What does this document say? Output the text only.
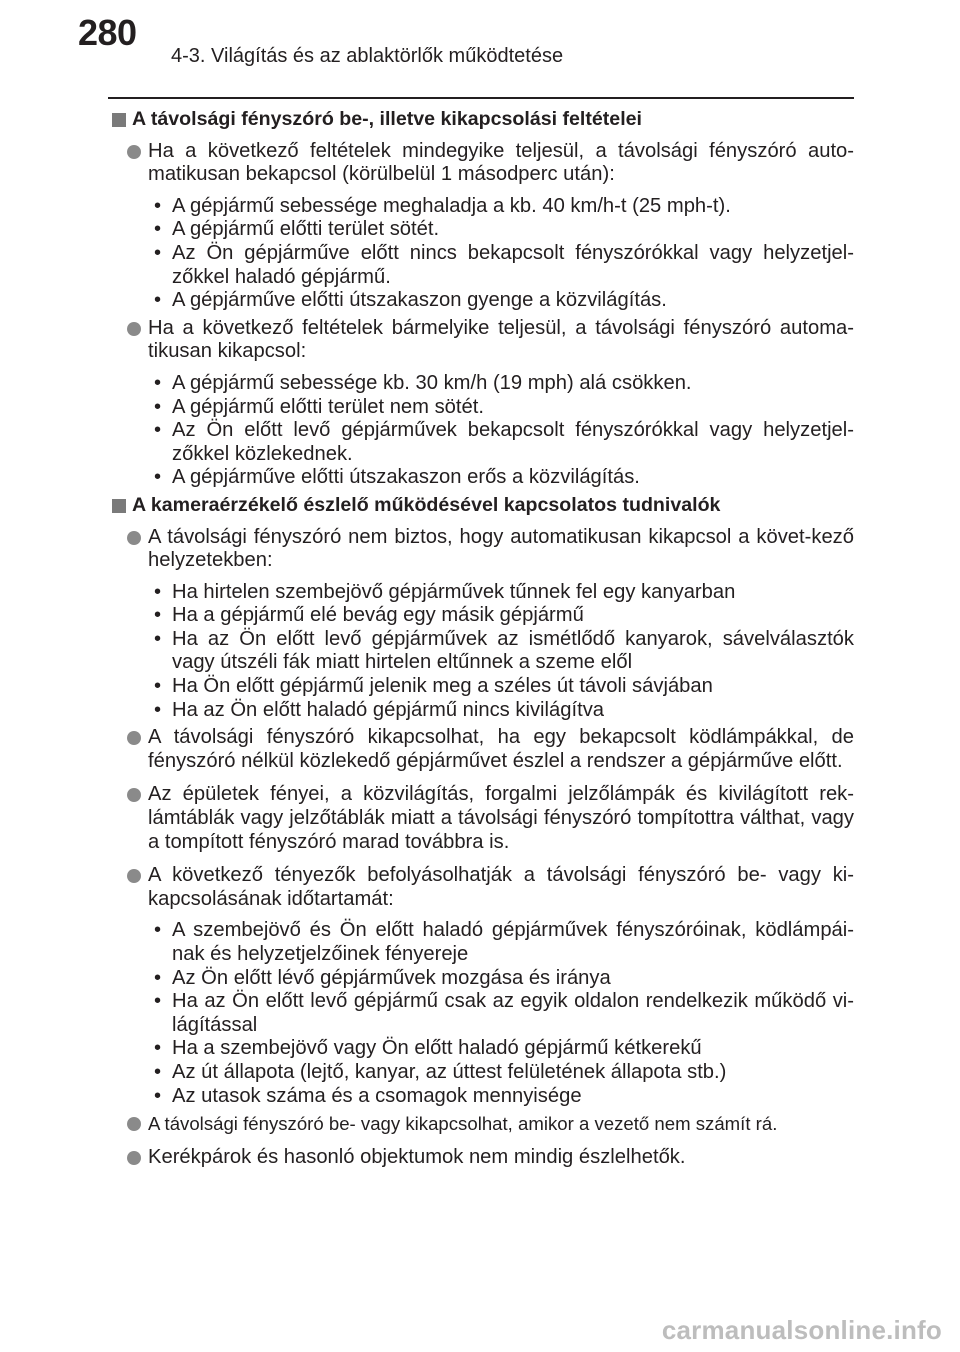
280
4-3. Világítás és az ablaktörlők működtetése
A távolsági fényszóró be-, illetve kikapcsolási feltételei
Ha a következő feltételek mindegyike teljesül, a távolsági fényszóró auto-matikusan bekapcsol (körülbelül 1 másodperc után):
• A gépjármű sebessége meghaladja a kb. 40 km/h-t (25 mph-t).
• A gépjármű előtti terület sötét.
• Az Ön gépjárműve előtt nincs bekapcsolt fényszórókkal vagy helyzetjel-zőkkel haladó gépjármű.
• A gépjárműve előtti útszakaszon gyenge a közvilágítás.
Ha a következő feltételek bármelyike teljesül, a távolsági fényszóró automa-tikusan kikapcsol:
• A gépjármű sebessége kb. 30 km/h (19 mph) alá csökken.
• A gépjármű előtti terület nem sötét.
• Az Ön előtt levő gépjárművek bekapcsolt fényszórókkal vagy helyzetjel-zőkkel közlekednek.
• A gépjárműve előtti útszakaszon erős a közvilágítás.
A kameraérzékelő észlelő működésével kapcsolatos tudnivalók
A távolsági fényszóró nem biztos, hogy automatikusan kikapcsol a követ-kező helyzetekben:
• Ha hirtelen szembejövő gépjárművek tűnnek fel egy kanyarban
• Ha a gépjármű elé bevág egy másik gépjármű
• Ha az Ön előtt levő gépjárművek az ismétlődő kanyarok, sávelválasztók vagy útszéli fák miatt hirtelen eltűnnek a szeme elől
• Ha Ön előtt gépjármű jelenik meg a széles út távoli sávjában
• Ha az Ön előtt haladó gépjármű nincs kivilágítva
A távolsági fényszóró kikapcsolhat, ha egy bekapcsolt ködlámpákkal, de fényszóró nélkül közlekedő gépjárművet észlel a rendszer a gépjárműve előtt.
Az épületek fényei, a közvilágítás, forgalmi jelzőlámpák és kivilágított rek-lámtáblák vagy jelzőtáblák miatt a távolsági fényszóró tompítottra válthat, vagy a tompított fényszóró marad továbbra is.
A következő tényezők befolyásolhatják a távolsági fényszóró be- vagy ki-kapcsolásának időtartamát:
• A szembejövő és Ön előtt haladó gépjárművek fényszóróinak, ködlámpái-nak és helyzetjelzőinek fényereje
• Az Ön előtt lévő gépjárművek mozgása és iránya
• Ha az Ön előtt levő gépjármű csak az egyik oldalon rendelkezik működő vi-lágítással
• Ha a szembejövő vagy Ön előtt haladó gépjármű kétkerekű
• Az út állapota (lejtő, kanyar, az úttest felületének állapota stb.)
• Az utasok száma és a csomagok mennyisége
A távolsági fényszóró be- vagy kikapcsolhat, amikor a vezető nem számít rá.
Kerékpárok és hasonló objektumok nem mindig észlelhetők.
carmanualsonline.info
